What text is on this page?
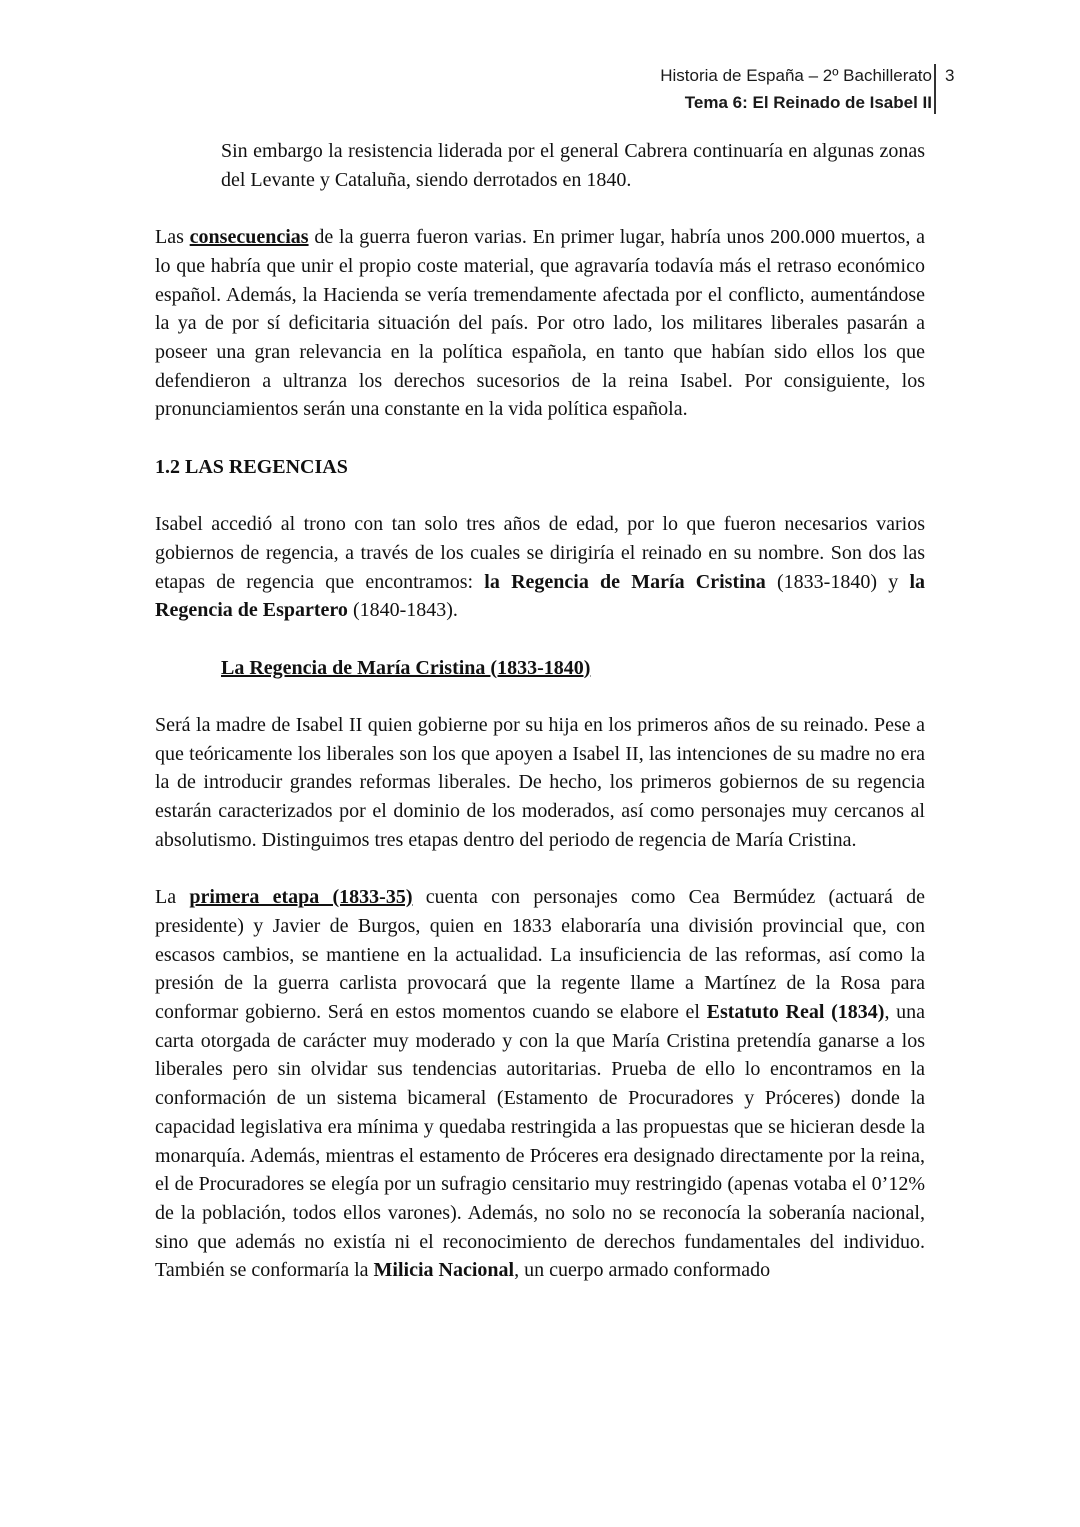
Historia de España – 2º Bachillerato
Tema 6: El Reinado de Isabel II
3

Sin embargo la resistencia liderada por el general Cabrera continuaría en algunas zonas del Levante y Cataluña, siendo derrotados en 1840.

Las consecuencias de la guerra fueron varias. En primer lugar, habría unos 200.000 muertos, a lo que habría que unir el propio coste material, que agravaría todavía más el retraso económico español. Además, la Hacienda se vería tremendamente afectada por el conflicto, aumentándose la ya de por sí deficitaria situación del país. Por otro lado, los militares liberales pasarán a poseer una gran relevancia en la política española, en tanto que habían sido ellos los que defendieron a ultranza los derechos sucesorios de la reina Isabel. Por consiguiente, los pronunciamientos serán una constante en la vida política española.

1.2 LAS REGENCIAS

Isabel accedió al trono con tan solo tres años de edad, por lo que fueron necesarios varios gobiernos de regencia, a través de los cuales se dirigiría el reinado en su nombre. Son dos las etapas de regencia que encontramos: la Regencia de María Cristina (1833-1840) y la Regencia de Espartero (1840-1843).

La Regencia de María Cristina (1833-1840)

Será la madre de Isabel II quien gobierne por su hija en los primeros años de su reinado. Pese a que teóricamente los liberales son los que apoyen a Isabel II, las intenciones de su madre no era la de introducir grandes reformas liberales. De hecho, los primeros gobiernos de su regencia estarán caracterizados por el dominio de los moderados, así como personajes muy cercanos al absolutismo. Distinguimos tres etapas dentro del periodo de regencia de María Cristina.

La primera etapa (1833-35) cuenta con personajes como Cea Bermúdez (actuará de presidente) y Javier de Burgos, quien en 1833 elaboraría una división provincial que, con escasos cambios, se mantiene en la actualidad. La insuficiencia de las reformas, así como la presión de la guerra carlista provocará que la regente llame a Martínez de la Rosa para conformar gobierno. Será en estos momentos cuando se elabore el Estatuto Real (1834), una carta otorgada de carácter muy moderado y con la que María Cristina pretendía ganarse a los liberales pero sin olvidar sus tendencias autoritarias. Prueba de ello lo encontramos en la conformación de un sistema bicameral (Estamento de Procuradores y Próceres) donde la capacidad legislativa era mínima y quedaba restringida a las propuestas que se hicieran desde la monarquía. Además, mientras el estamento de Próceres era designado directamente por la reina, el de Procuradores se elegía por un sufragio censitario muy restringido (apenas votaba el 0’12% de la población, todos ellos varones). Además, no solo no se reconocía la soberanía nacional, sino que además no existía ni el reconocimiento de derechos fundamentales del individuo. También se conformaría la Milicia Nacional, un cuerpo armado conformado
